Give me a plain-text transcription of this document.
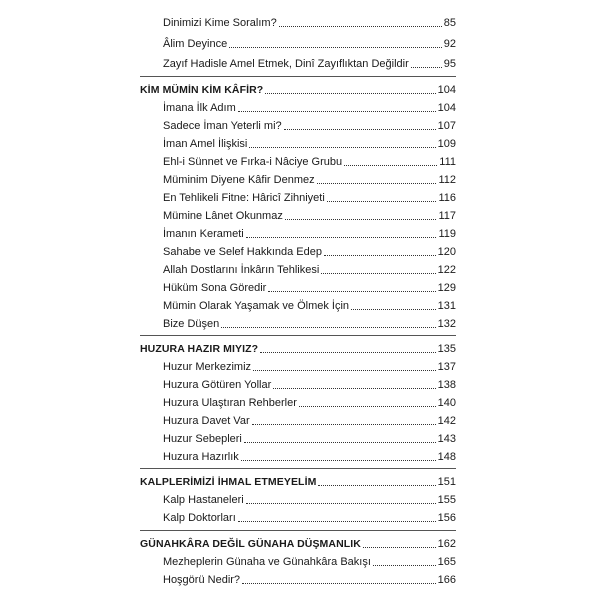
Dinimizi Kime Soralım?	85
Âlim Deyince	92
Zayıf Hadisle Amel Etmek, Dinî Zayıflıktan Değildir	95
KİM MÜMİN KİM KÂFİR?	104
İmana İlk Adım	104
Sadece İman Yeterli mi?	107
İman Amel İlişkisi	109
Ehl-i Sünnet ve Fırka-i Nâciye Grubu	111
Müminim Diyene Kâfir Denmez	112
En Tehlikeli Fitne: Hâricî Zihniyeti	116
Mümine Lânet Okunmaz	117
İmanın Kerameti	119
Sahabe ve Selef Hakkında Edep	120
Allah Dostlarını İnkârın Tehlikesi	122
Hüküm Sona Göredir	129
Mümin Olarak Yaşamak ve Ölmek İçin	131
Bize Düşen	132
HUZURA HAZIR MIYIZ?	135
Huzur Merkezimiz	137
Huzura Götüren Yollar	138
Huzura Ulaştıran Rehberler	140
Huzura Davet Var	142
Huzur Sebepleri	143
Huzura Hazırlık	148
KALPLERİMİZİ İHMAL ETMEYELİM	151
Kalp Hastaneleri	155
Kalp Doktorları	156
GÜNAHKÂRA DEĞİL GÜNAHA DÜŞMANLIK	162
Mezheplerin Günaha ve Günahkâra Bakışı	165
Hoşgörü Nedir?	166
